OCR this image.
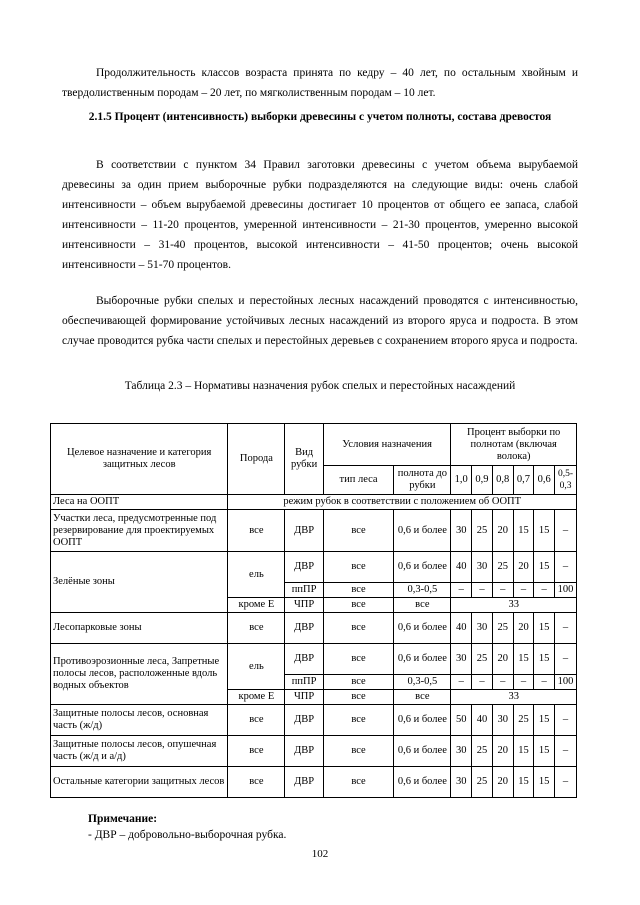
Продолжительность классов возраста принята по кедру – 40 лет, по остальным хвойным и твердолиственным породам – 20 лет, по мягколиственным породам – 10 лет.

2.1.5 Процент (интенсивность) выборки древесины с учетом полноты, состава древостоя

В соответствии с пунктом 34 Правил заготовки древесины с учетом объема вырубаемой древесины за один прием выборочные рубки подразделяются на следующие виды: очень слабой интенсивности – объем вырубаемой древесины достигает 10 процентов от общего ее запаса, слабой интенсивности – 11-20 процентов, умеренной интенсивности – 21-30 процентов, умеренно высокой интенсивности – 31-40 процентов, высокой интенсивности – 41-50 процентов; очень высокой интенсивности – 51-70 процентов.

Выборочные рубки спелых и перестойных лесных насаждений проводятся с интенсивностью, обеспечивающей формирование устойчивых лесных насаждений из второго яруса и подроста. В этом случае проводится рубка части спелых и перестойных деревьев с сохранением второго яруса и подроста.

Таблица 2.3 – Нормативы назначения рубок спелых и перестойных насаждений

Целевое назначение и категория защитных лесов	Порода	Вид рубки	Условия назначения		Процент выборки по полнотам (включая волока)					
			тип леса	полнота до рубки	1,0	0,9	0,8	0,7	0,6	0,5-0,3
Леса на ООПТ	режим рубок в соответствии с положением об ООПТ									
Участки леса, предусмотренные под резервирование для проектируемых ООПТ	все	ДВР	все	0,6 и более	30	25	20	15	15	–
Зелёные зоны	ель	ДВР	все	0,6 и более	40	30	25	20	15	–
		ппПР	все	0,3-0,5	–	–	–	–	–	100
	кроме Е	ЧПР	все	все	33					
Лесопарковые зоны	все	ДВР	все	0,6 и более	40	30	25	20	15	–
Противоэрозионные леса, Запретные полосы лесов, расположенные вдоль водных объектов	ель	ДВР	все	0,6 и более	30	25	20	15	15	–
		ппПР	все	0,3-0,5	–	–	–	–	–	100
	кроме Е	ЧПР	все	все	33					
Защитные полосы лесов, основная часть (ж/д)	все	ДВР	все	0,6 и более	50	40	30	25	15	–
Защитные полосы лесов, опушечная часть (ж/д и а/д)	все	ДВР	все	0,6 и более	30	25	20	15	15	–
Остальные категории защитных лесов	все	ДВР	все	0,6 и более	30	25	20	15	15	–

Примечание:

- ДВР – добровольно-выборочная рубка.

102
